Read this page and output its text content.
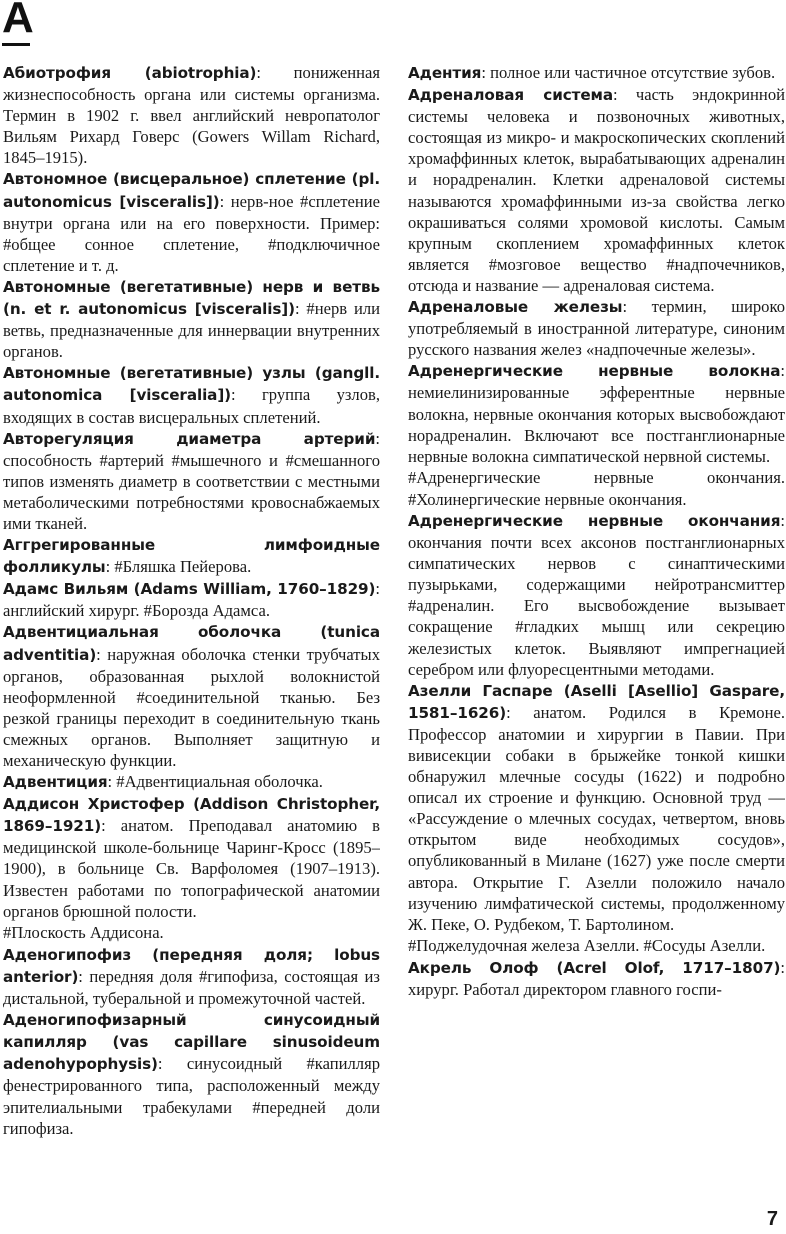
А

Абиотрофия (abiotrophia): пониженная жизнеспособность органа или системы организма. Термин в 1902 г. ввел английский невропатолог Вильям Рихард Говерс (Gowers Willam Richard, 1845–1915).

Автономное (висцеральное) сплетение (pl. autonomicus [visceralis]): нерв-ное #сплетение внутри органа или на его поверхности. Пример: #общее сонное сплетение, #подключичное сплетение и т. д.

Автономные (вегетативные) нерв и ветвь (n. et r. autonomicus [visceralis]): #нерв или ветвь, предназначенные для иннервации внутренних органов.

Автономные (вегетативные) узлы (gangll. autonomica [visceralia]): группа узлов, входящих в состав висцеральных сплетений.

Авторегуляция диаметра артерий: способность #артерий #мышечного и #смешанного типов изменять диаметр в соответствии с местными метаболическими потребностями кровоснабжаемых ими тканей.

Аггрегированные лимфоидные фолликулы: #Бляшка Пейерова.

Адамс Вильям (Adams William, 1760–1829): английский хирург. #Борозда Адамса.

Адвентициальная оболочка (tunica adventitia): наружная оболочка стенки трубчатых органов, образованная рыхлой волокнистой неоформленной #соединительной тканью. Без резкой границы переходит в соединительную ткань смежных органов. Выполняет защитную и механическую функции.

Адвентиция: #Адвентициальная оболочка.

Аддисон Христофер (Addison Christopher, 1869–1921): анатом. Преподавал анатомию в медицинской школе-больнице Чаринг-Кросс (1895–1900), в больнице Св. Варфоломея (1907–1913). Известен работами по топографической анатомии органов брюшной полости.

#Плоскость Аддисона.

Аденогипофиз (передняя доля; lobus anterior): передняя доля #гипофиза, состоящая из дистальной, туберальной и промежуточной частей.

Аденогипофизарный синусоидный капилляр (vas capillare sinusoideum adenohypophysis): синусоидный #капилляр фенестрированного типа, расположенный между эпителиальными трабекулами #передней доли гипофиза.

Адентия: полное или частичное отсутствие зубов.

Адреналовая система: часть эндокринной системы человека и позвоночных животных, состоящая из микро- и макроскопических скоплений хромаффинных клеток, вырабатывающих адреналин и норадреналин. Клетки адреналовой системы называются хромаффинными из-за свойства легко окрашиваться солями хромовой кислоты. Самым крупным скоплением хромаффинных клеток является #мозговое вещество #надпочечников, отсюда и название — адреналовая система.

Адреналовые железы: термин, широко употребляемый в иностранной литературе, синоним русского названия желез «надпочечные железы».

Адренергические нервные волокна: немиелинизированные эфферентные нервные волокна, нервные окончания которых высвобождают норадреналин. Включают все постганглионарные нервные волокна симпатической нервной системы.

#Адренергические нервные окончания. #Холинергические нервные окончания.

Адренергические нервные окончания: окончания почти всех аксонов постганглионарных симпатических нервов с синаптическими пузырьками, содержащими нейротрансмиттер #адреналин. Его высвобождение вызывает сокращение #гладких мышц или секрецию железистых клеток. Выявляют импрегнацией серебром или флуоресцентными методами.

Азелли Гаспаре (Aselli [Asellio] Gaspare, 1581–1626): анатом. Родился в Кремоне. Профессор анатомии и хирургии в Павии. При вивисекции собаки в брыжейке тонкой кишки обнаружил млечные сосуды (1622) и подробно описал их строение и функцию. Основной труд — «Рассуждение о млечных сосудах, четвертом, вновь открытом виде необходимых сосудов», опубликованный в Милане (1627) уже после смерти автора. Открытие Г. Азелли положило начало изучению лимфатической системы, продолженному Ж. Пеке, О. Рудбеком, Т. Бартолином.

#Поджелудочная железа Азелли. #Сосуды Азелли.

Акрель Олоф (Acrel Olof, 1717–1807): хирург. Работал директором главного госпи-

7
